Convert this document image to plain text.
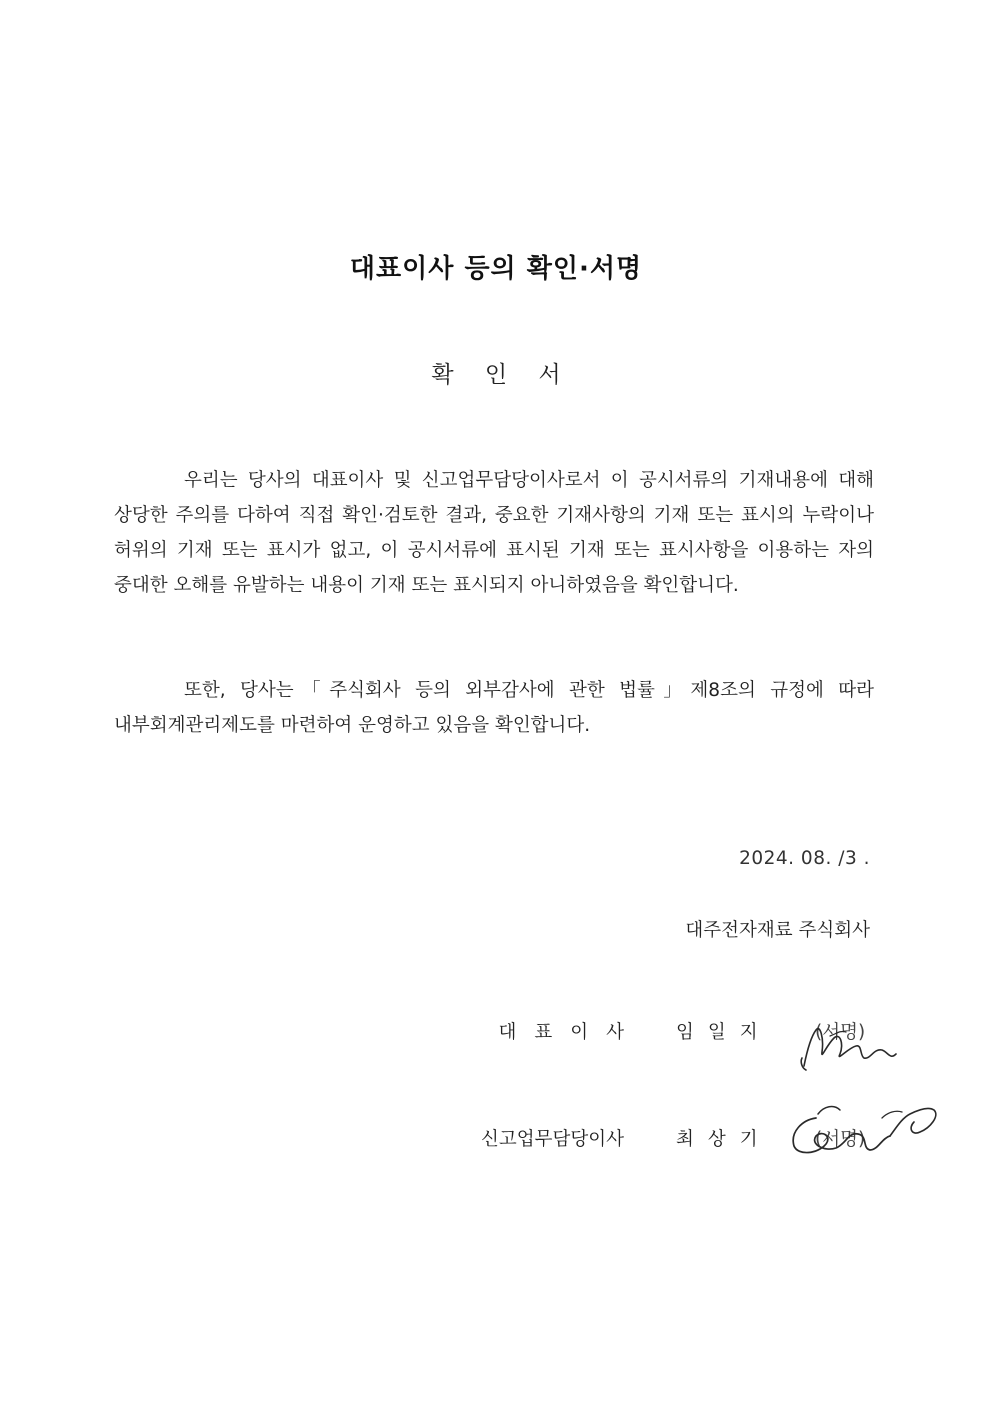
대표이사 등의 확인·서명
확 인 서
우리는 당사의 대표이사 및 신고업무담당이사로서 이 공시서류의 기재내용에 대해 상당한 주의를 다하여 직접 확인·검토한 결과, 중요한 기재사항의 기재 또는 표시의 누락이나 허위의 기재 또는 표시가 없고, 이 공시서류에 표시된 기재 또는 표시사항을 이용하는 자의 중대한 오해를 유발하는 내용이 기재 또는 표시되지 아니하였음을 확인합니다.
또한, 당사는「주식회사 등의 외부감사에 관한 법률」제8조의 규정에 따라 내부회계관리제도를 마련하여 운영하고 있음을 확인합니다.
2024. 08. /3 .
대주전자재료 주식회사
대표이사 임일지 (서명)
신고업무담당이사	최상기 (서명)
